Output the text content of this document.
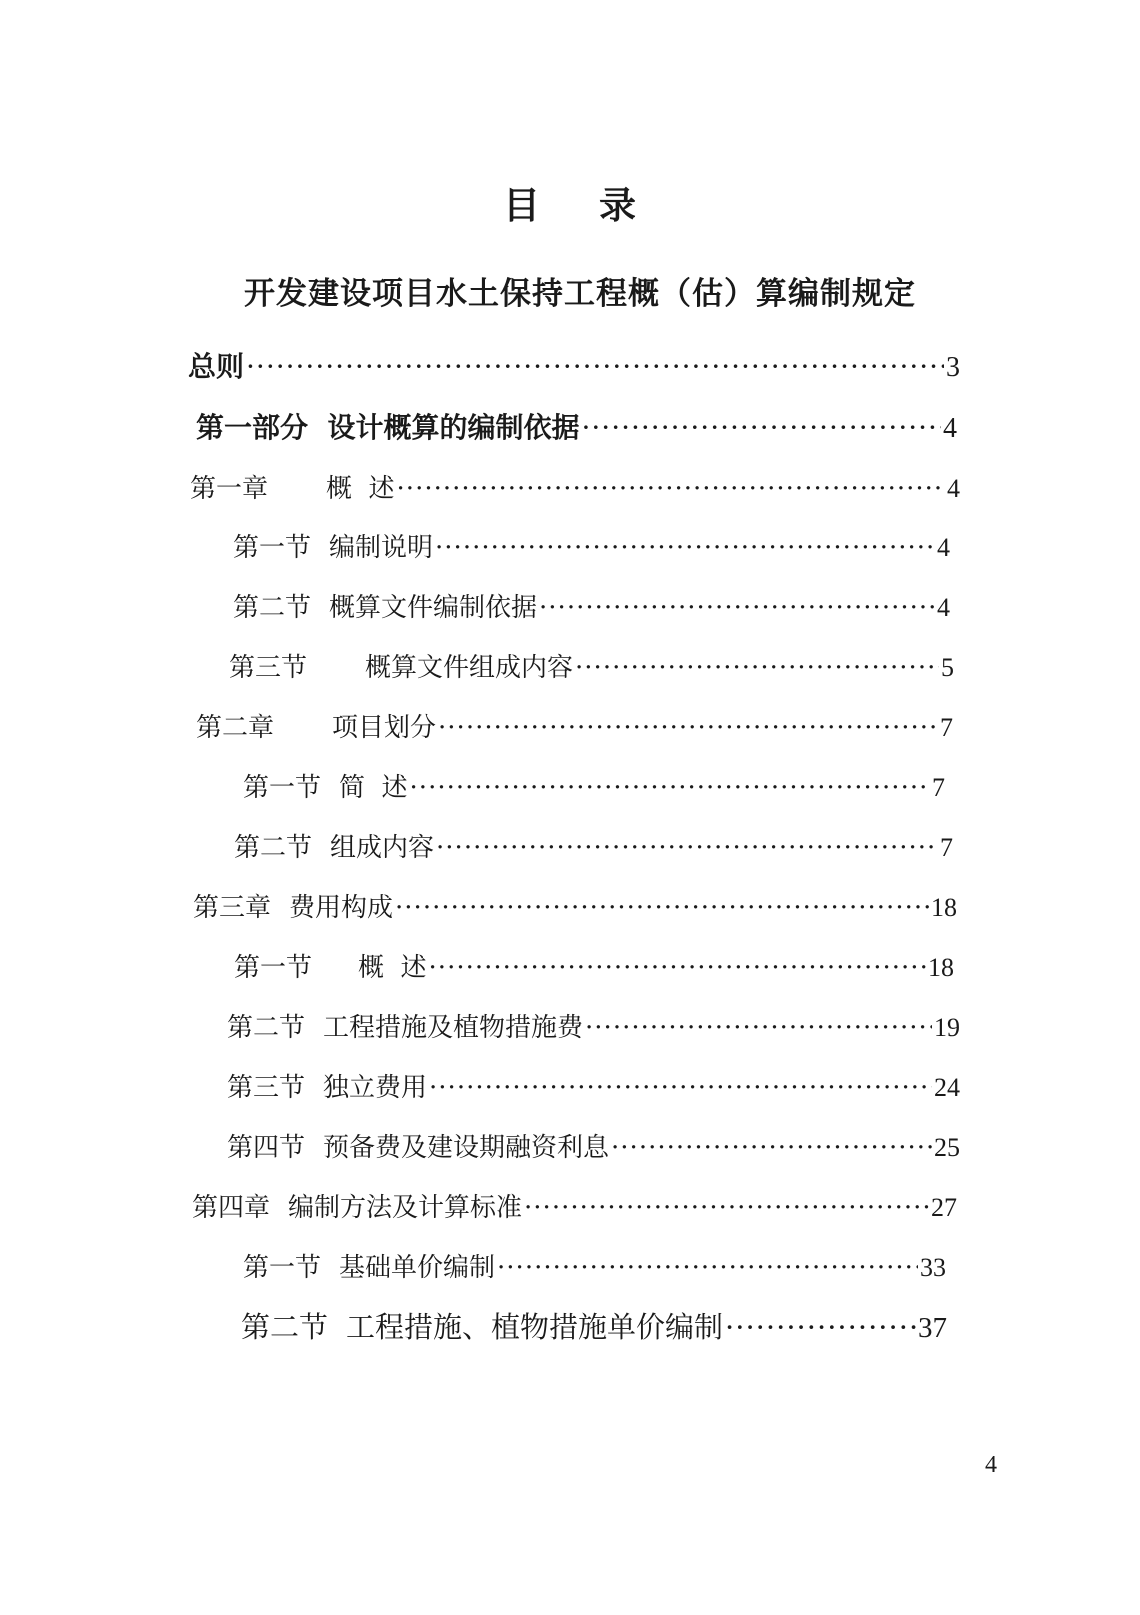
目 录
开发建设项目水土保持工程概（估）算编制规定
总则 ·····	3
第一部分  设计概算的编制依据 ·····	4
第一章 概  述 ·····	4
第一节 编制说明 ·····	4
第二节 概算文件编制依据 ·····	4
第三节 概算文件组成内容 ·····	5
第二章 项目划分 ·····	7
第一节 简  述 ·····	7
第二节 组成内容 ·····	7
第三章 费用构成 ·····	18
第一节 概  述 ·····	18
第二节 工程措施及植物措施费 ·····	19
第三节 独立费用 ·····	24
第四节 预备费及建设期融资利息 ·····	25
第四章 编制方法及计算标准 ·····	27
第一节 基础单价编制 ·····	33
第二节 工程措施、植物措施单价编制 ·····	37
4
